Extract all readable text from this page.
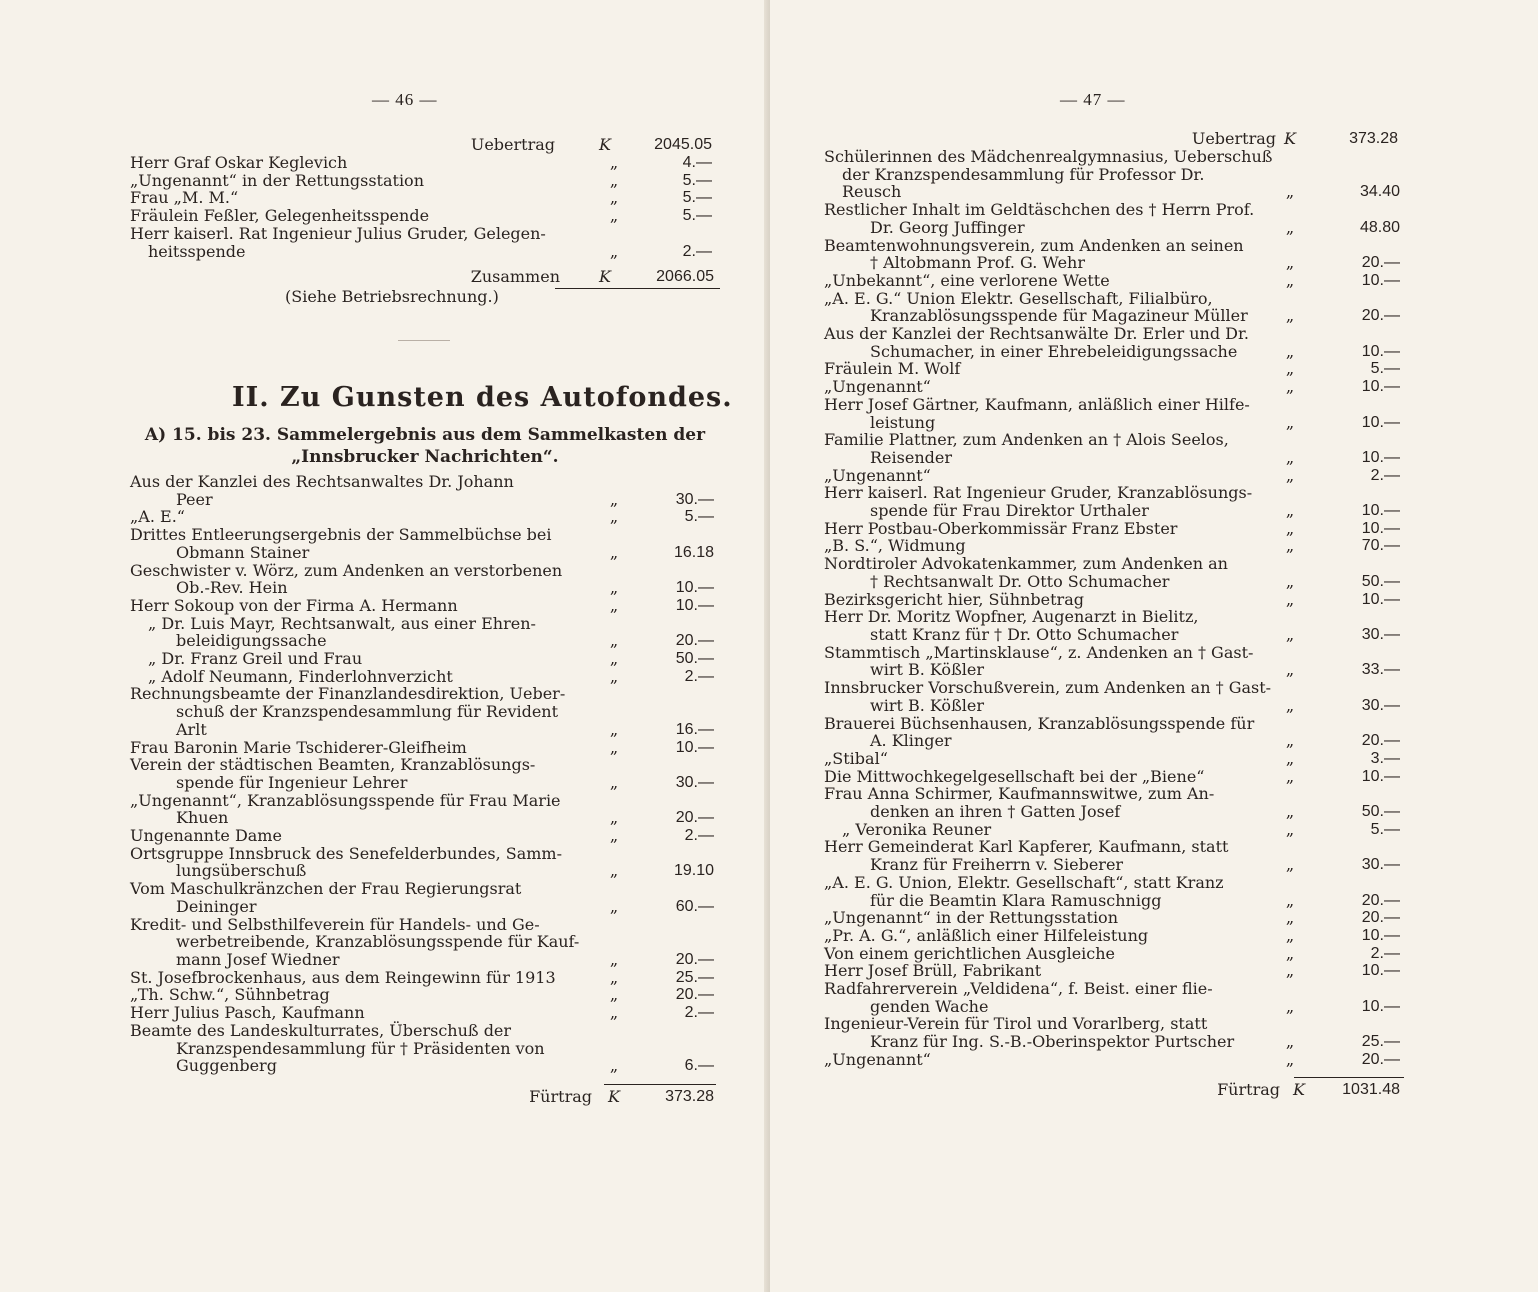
— 46 —
Uebertrag	K	2045.05
Herr Graf Oskar Keglevich	„	4.—
„Ungenannt“ in der Rettungsstation	„	5.—
Frau „M. M.“	„	5.—
Fräulein Feßler, Gelegenheitsspende	„	5.—
Herr kaiserl. Rat Ingenieur Julius Gruder, Gelegen-
heitsspende	„	2.—
Zusammen K	2066.05
(Siehe Betriebsrechnung.)
II. Zu Gunsten des Autofondes.
A) 15. bis 23. Sammelergebnis aus dem Sammelkasten der
„Innsbrucker Nachrichten“.
Aus der Kanzlei des Rechtsanwaltes Dr. Johann
Peer	„	30.—
„A. E.“	„	5.—
Drittes Entleerungsergebnis der Sammelbüchse bei
Obmann Stainer	„	16.18
Geschwister v. Wörz, zum Andenken an verstorbenen
Ob.-Rev. Hein	„	10.—
Herr Sokoup von der Firma A. Hermann	„	10.—
„ Dr. Luis Mayr, Rechtsanwalt, aus einer Ehren-
beleidigungssache	„	20.—
„ Dr. Franz Greil und Frau	„	50.—
„ Adolf Neumann, Finderlohnverzicht	„	2.—
Rechnungsbeamte der Finanzlandesdirektion, Ueber-
schuß der Kranzspendesammlung für Revident
Arlt	„	16.—
Frau Baronin Marie Tschiderer-Gleifheim	„	10.—
Verein der städtischen Beamten, Kranzablösungs-
spende für Ingenieur Lehrer	„	30.—
„Ungenannt“, Kranzablösungsspende für Frau Marie
Khuen	„	20.—
Ungenannte Dame	„	2.—
Ortsgruppe Innsbruck des Senefelderbundes, Samm-
lungsüberschuß	„	19.10
Vom Maschulkränzchen der Frau Regierungsrat
Deininger	„	60.—
Kredit- und Selbsthilfeverein für Handels- und Ge-
werbetreibende, Kranzablösungsspende für Kauf-
mann Josef Wiedner	„	20.—
St. Josefbrockenhaus, aus dem Reingewinn für 1913	„	25.—
„Th. Schw.“, Sühnbetrag	„	20.—
Herr Julius Pasch, Kaufmann	„	2.—
Beamte des Landeskulturrates, Überschuß der
Kranzspendesammlung für † Präsidenten von
Guggenberg	„	6.—
Fürtrag K	373.28
— 47 —
Uebertrag K	373.28
Schülerinnen des Mädchenrealgymnasius, Ueberschuß
der Kranzspendesammlung für Professor Dr.
Reusch	„	34.40
Restlicher Inhalt im Geldtäschchen des † Herrn Prof.
Dr. Georg Juffinger	„	48.80
Beamtenwohnungsverein, zum Andenken an seinen
† Altobmann Prof. G. Wehr	„	20.—
„Unbekannt“, eine verlorene Wette	„	10.—
„A. E. G.“ Union Elektr. Gesellschaft, Filialbüro,
Kranzablösungsspende für Magazineur Müller „	20.—
Aus der Kanzlei der Rechtsanwälte Dr. Erler und Dr.
Schumacher, in einer Ehrebeleidigungssache	„	10.—
Fräulein M. Wolf	„	5.—
„Ungenannt“	„	10.—
Herr Josef Gärtner, Kaufmann, anläßlich einer Hilfe-
leistung	„	10.—
Familie Plattner, zum Andenken an † Alois Seelos,
Reisender	„	10.—
„Ungenannt“	„	2.—
Herr kaiserl. Rat Ingenieur Gruder, Kranzablösungs-
spende für Frau Direktor Urthaler	„	10.—
Herr Postbau-Oberkommissär Franz Ebster	„	10.—
„B. S.“, Widmung	„	70.—
Nordtiroler Advokatenkammer, zum Andenken an
† Rechtsanwalt Dr. Otto Schumacher	„	50.—
Bezirksgericht hier, Sühnbetrag	„	10.—
Herr Dr. Moritz Wopfner, Augenarzt in Bielitz,
statt Kranz für † Dr. Otto Schumacher	„	30.—
Stammtisch „Martinsklause“, z. Andenken an † Gast-
wirt B. Kößler	„	33.—
Innsbrucker Vorschußverein, zum Andenken an † Gast-
wirt B. Kößler	„	30.—
Brauerei Büchsenhausen, Kranzablösungsspende für
A. Klinger	„	20.—
„Stibal“	„	3.—
Die Mittwochkegelgesellschaft bei der „Biene“	„	10.—
Frau Anna Schirmer, Kaufmannswitwe, zum An-
denken an ihren † Gatten Josef	„	50.—
„ Veronika Reuner	„	5.—
Herr Gemeinderat Karl Kapferer, Kaufmann, statt
Kranz für Freiherrn v. Sieberer	„	30.—
„A. E. G. Union, Elektr. Gesellschaft“, statt Kranz
für die Beamtin Klara Ramuschnigg	„	20.—
„Ungenannt“ in der Rettungsstation	„	20.—
„Pr. A. G.“, anläßlich einer Hilfeleistung	„	10.—
Von einem gerichtlichen Ausgleiche	„	2.—
Herr Josef Brüll, Fabrikant	„	10.—
Radfahrerverein „Veldidena“, f. Beist. einer flie-
genden Wache	„	10.—
Ingenieur-Verein für Tirol und Vorarlberg, statt
Kranz für Ing. S.-B.-Oberinspektor Purtscher	„	25.—
„Ungenannt“	„	20.—
Fürtrag K 1031.48
